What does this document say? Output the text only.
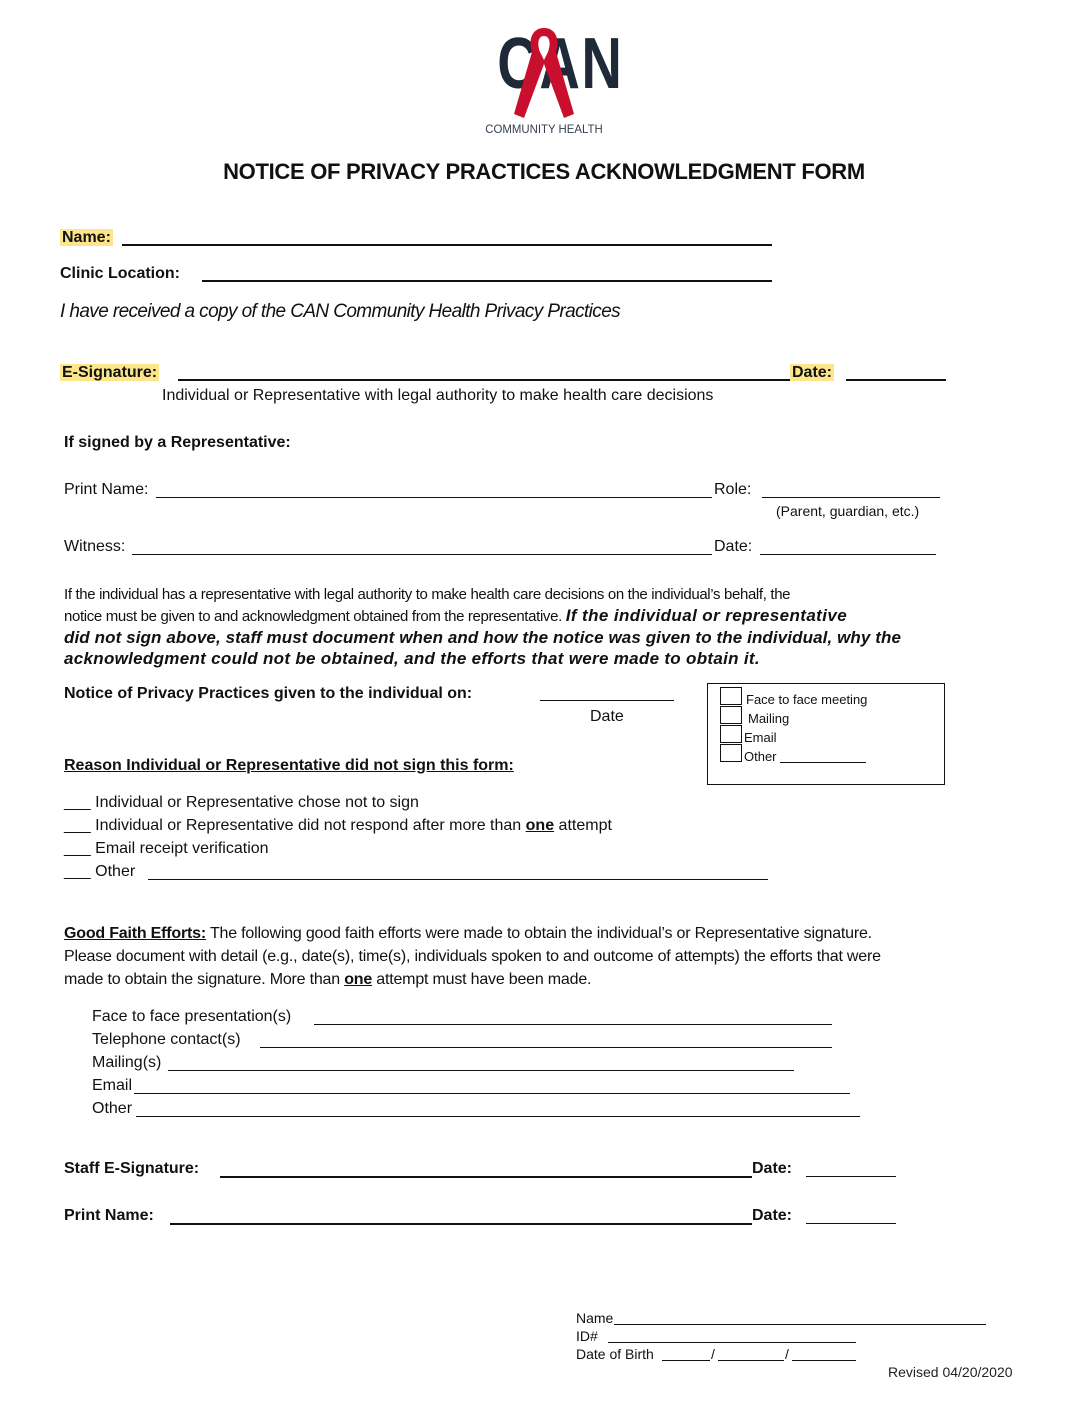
CAN
COMMUNITY HEALTH
NOTICE OF PRIVACY PRACTICES ACKNOWLEDGMENT FORM
Name:
Clinic Location:
I have received a copy of the CAN Community Health Privacy Practices
E-Signature:	Date:
Individual or Representative with legal authority to make health care decisions
If signed by a Representative:
Print Name:	Role:
(Parent, guardian, etc.)
Witness:	Date:
If the individual has a representative with legal authority to make health care decisions on the individual’s behalf, the
notice must be given to and acknowledgment obtained from the representative. If the individual or representative
did not sign above, staff must document when and how the notice was given to the individual, why the
acknowledgment could not be obtained, and the efforts that were made to obtain it.
Notice of Privacy Practices given to the individual on:
Date
Face to face meeting
Mailing
Email
Other
Reason Individual or Representative did not sign this form:
___ Individual or Representative chose not to sign
___ Individual or Representative did not respond after more than one attempt
___ Email receipt verification
___ Other
Good Faith Efforts: The following good faith efforts were made to obtain the individual’s or Representative signature.
Please document with detail (e.g., date(s), time(s), individuals spoken to and outcome of attempts) the efforts that were
made to obtain the signature. More than one attempt must have been made.
Face to face presentation(s)
Telephone contact(s)
Mailing(s)
Email
Other
Staff E-Signature:	Date:
Print Name:	Date:
Name
ID#
Date of Birth	/	/
Revised 04/20/2020
